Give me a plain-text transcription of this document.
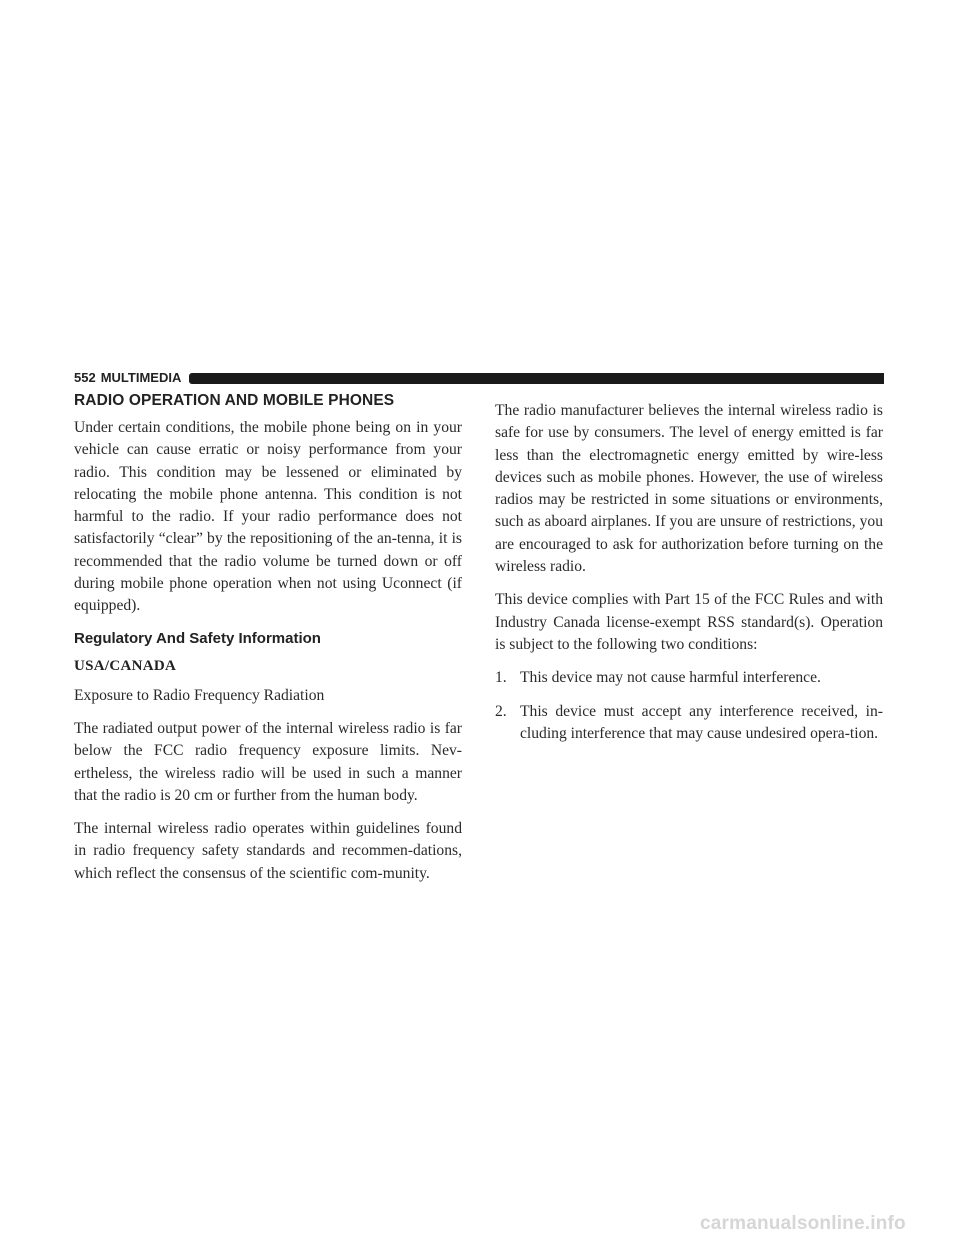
552 MULTIMEDIA
RADIO OPERATION AND MOBILE PHONES

Under certain conditions, the mobile phone being on in your vehicle can cause erratic or noisy performance from your radio. This condition may be lessened or eliminated by relocating the mobile phone antenna. This condition is not harmful to the radio. If your radio performance does not satisfactorily “clear” by the repositioning of the an-tenna, it is recommended that the radio volume be turned down or off during mobile phone operation when not using Uconnect (if equipped).

Regulatory And Safety Information
USA/CANADA

Exposure to Radio Frequency Radiation

The radiated output power of the internal wireless radio is far below the FCC radio frequency exposure limits. Nev-ertheless, the wireless radio will be used in such a manner that the radio is 20 cm or further from the human body.

The internal wireless radio operates within guidelines found in radio frequency safety standards and recommen-dations, which reflect the consensus of the scientific com-munity.

The radio manufacturer believes the internal wireless radio is safe for use by consumers. The level of energy emitted is far less than the electromagnetic energy emitted by wire-less devices such as mobile phones. However, the use of wireless radios may be restricted in some situations or environments, such as aboard airplanes. If you are unsure of restrictions, you are encouraged to ask for authorization before turning on the wireless radio.

This device complies with Part 15 of the FCC Rules and with Industry Canada license-exempt RSS standard(s). Operation is subject to the following two conditions:

1. This device may not cause harmful interference.
2. This device must accept any interference received, in-cluding interference that may cause undesired opera-tion.
carmanualsonline.info
